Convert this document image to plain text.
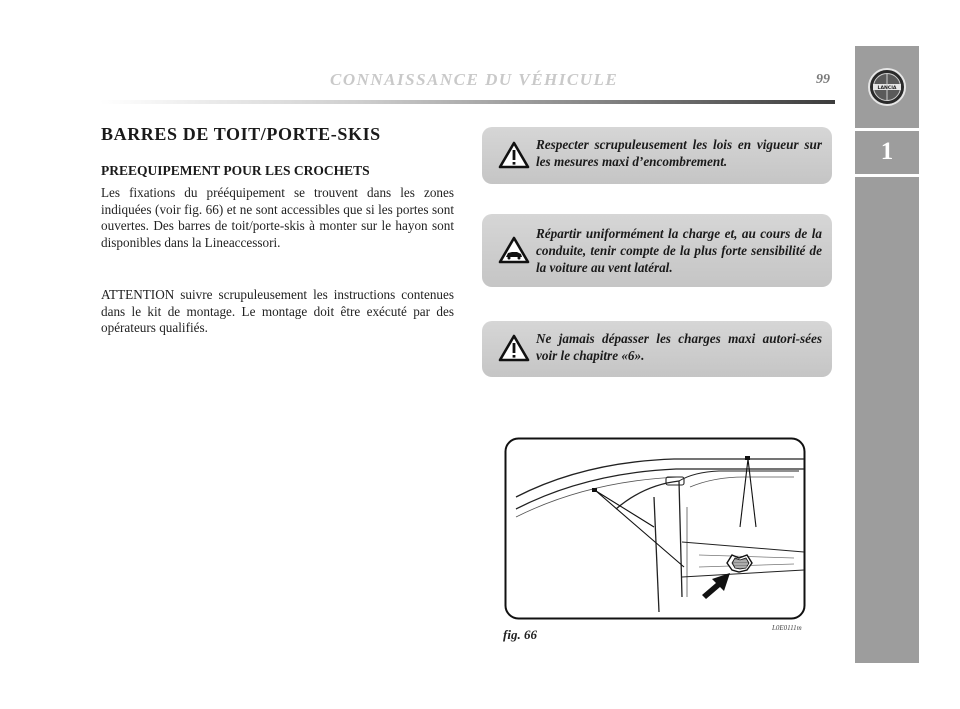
CONNAISSANCE DU VÉHICULE	99
LANCIA
1
BARRES DE TOIT/PORTE-SKIS
PREEQUIPEMENT POUR LES CROCHETS
Les fixations du prééquipement se trouvent dans les zones indiquées (voir fig. 66) et ne sont accessibles que si les portes sont ouvertes. Des barres de toit/porte-skis à monter sur le hayon sont disponibles dans la Lineaccessori.
ATTENTION suivre scrupuleusement les instructions contenues dans le kit de montage. Le montage doit être exécuté par des opérateurs qualifiés.
Respecter scrupuleusement les lois en vigueur sur les mesures maxi d’encombrement.
Répartir uniformément la charge et, au cours de la conduite, tenir compte de la plus forte sensibilité de la voiture au vent latéral.
Ne jamais dépasser les charges maxi autori-sées voir le chapitre «6».
fig. 66	L0E0111m
